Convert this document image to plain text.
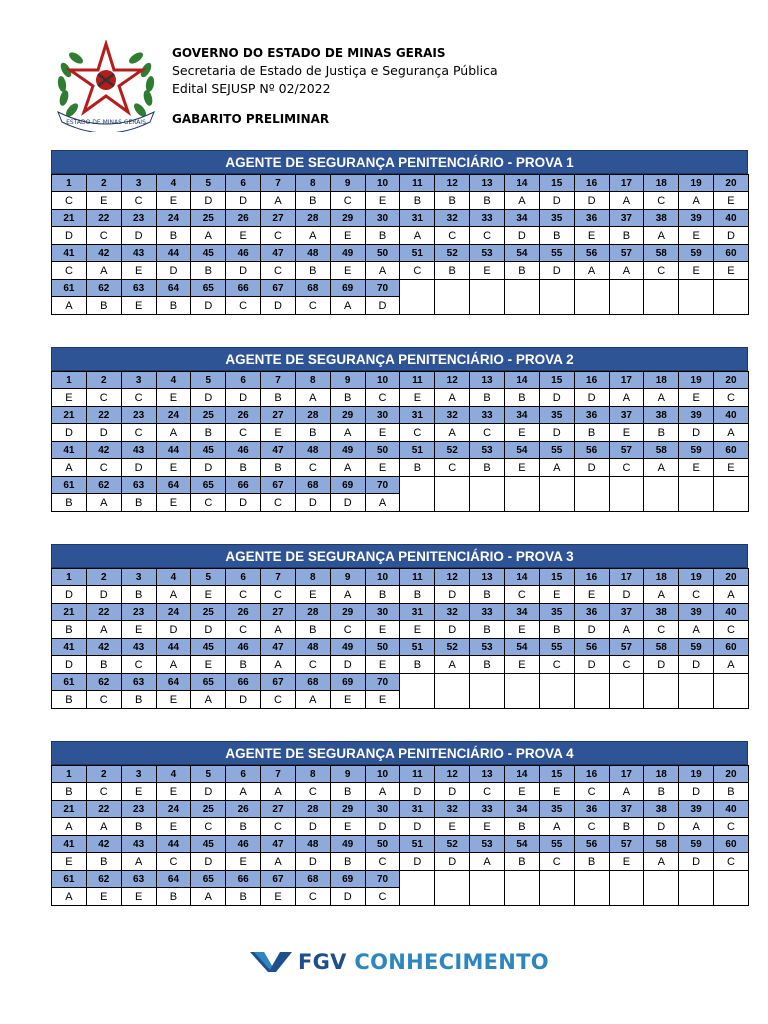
ESTADO DE MINAS GERAIS
GOVERNO DO ESTADO DE MINAS GERAIS
Secretaria de Estado de Justiça e Segurança Pública
Edital SEJUSP Nº 02/2022
GABARITO PRELIMINAR
AGENTE DE SEGURANÇA PENITENCIÁRIO - PROVA 1
1	2	3	4	5	6	7	8	9	10	11	12	13	14	15	16	17	18	19	20
C	E	C	E	D	D	A	B	C	E	B	B	B	A	D	D	A	C	A	E
21	22	23	24	25	26	27	28	29	30	31	32	33	34	35	36	37	38	39	40
D	C	D	B	A	E	C	A	E	B	A	C	C	D	B	E	B	A	E	D
41	42	43	44	45	46	47	48	49	50	51	52	53	54	55	56	57	58	59	60
C	A	E	D	B	D	C	B	E	A	C	B	E	B	D	A	A	C	E	E
61	62	63	64	65	66	67	68	69	70										
A	B	E	B	D	C	D	C	A	D										
AGENTE DE SEGURANÇA PENITENCIÁRIO - PROVA 2
1	2	3	4	5	6	7	8	9	10	11	12	13	14	15	16	17	18	19	20
E	C	C	E	D	D	B	A	B	C	E	A	B	B	D	D	A	A	E	C
21	22	23	24	25	26	27	28	29	30	31	32	33	34	35	36	37	38	39	40
D	D	C	A	B	C	E	B	A	E	C	A	C	E	D	B	E	B	D	A
41	42	43	44	45	46	47	48	49	50	51	52	53	54	55	56	57	58	59	60
A	C	D	E	D	B	B	C	A	E	B	C	B	E	A	D	C	A	E	E
61	62	63	64	65	66	67	68	69	70										
B	A	B	E	C	D	C	D	D	A										
AGENTE DE SEGURANÇA PENITENCIÁRIO - PROVA 3
1	2	3	4	5	6	7	8	9	10	11	12	13	14	15	16	17	18	19	20
D	D	B	A	E	C	C	E	A	B	B	D	B	C	E	E	D	A	C	A
21	22	23	24	25	26	27	28	29	30	31	32	33	34	35	36	37	38	39	40
B	A	E	D	D	C	A	B	C	E	E	D	B	E	B	D	A	C	A	C
41	42	43	44	45	46	47	48	49	50	51	52	53	54	55	56	57	58	59	60
D	B	C	A	E	B	A	C	D	E	B	A	B	E	C	D	C	D	D	A
61	62	63	64	65	66	67	68	69	70										
B	C	B	E	A	D	C	A	E	E										
AGENTE DE SEGURANÇA PENITENCIÁRIO - PROVA 4
1	2	3	4	5	6	7	8	9	10	11	12	13	14	15	16	17	18	19	20
B	C	E	E	D	A	A	C	B	A	D	D	C	E	E	C	A	B	D	B
21	22	23	24	25	26	27	28	29	30	31	32	33	34	35	36	37	38	39	40
A	A	B	E	C	B	C	D	E	D	D	E	E	B	A	C	B	D	A	C
41	42	43	44	45	46	47	48	49	50	51	52	53	54	55	56	57	58	59	60
E	B	A	C	D	E	A	D	B	C	D	D	A	B	C	B	E	A	D	C
61	62	63	64	65	66	67	68	69	70										
A	E	E	B	A	B	E	C	D	C										
FGV CONHECIMENTO
